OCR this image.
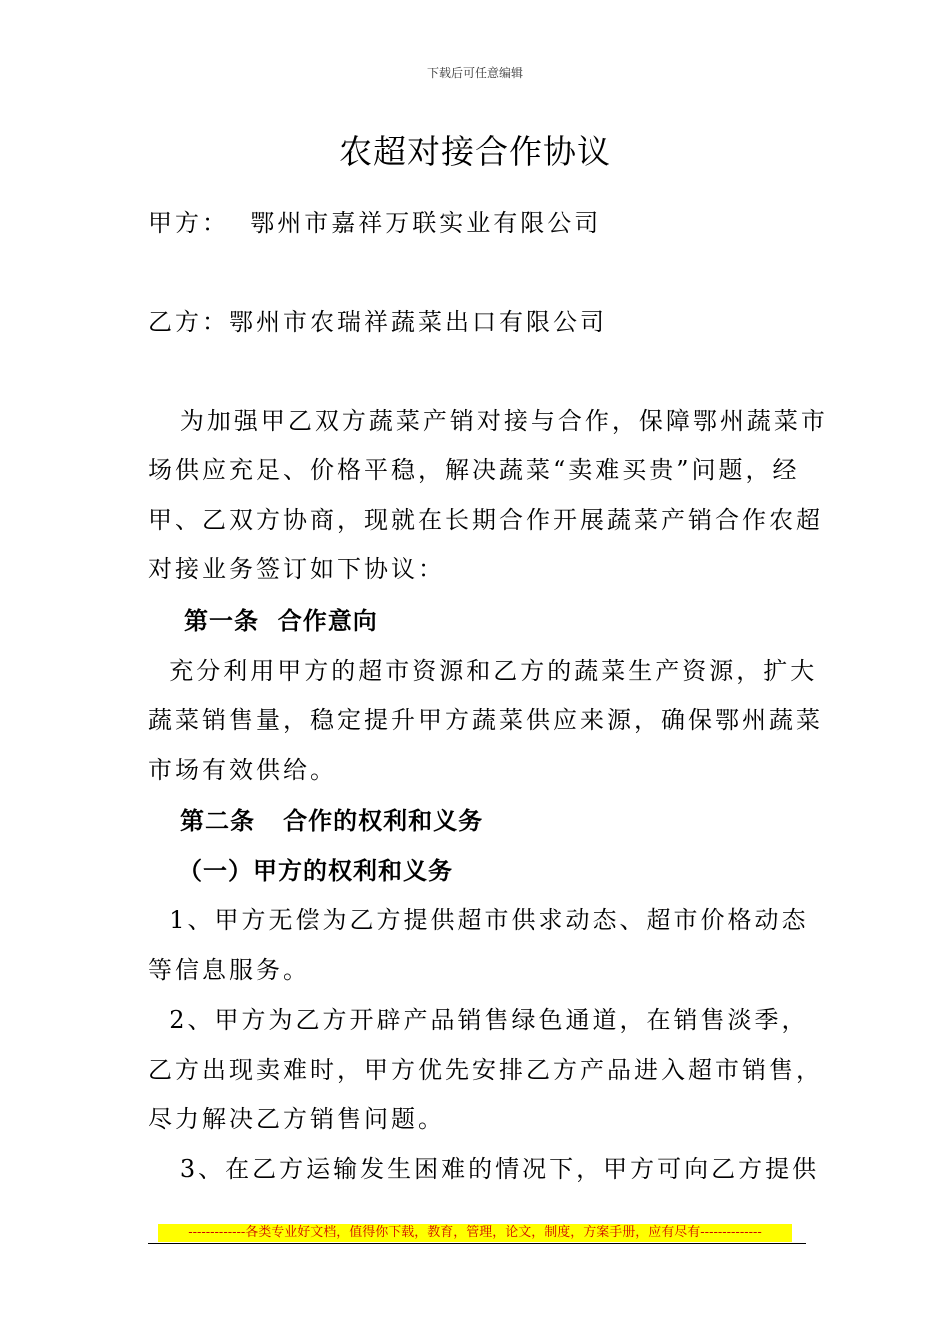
下载后可任意编辑
农超对接合作协议
甲方：  鄂州市嘉祥万联实业有限公司
乙方：鄂州市农瑞祥蔬菜出口有限公司
为加强甲乙双方蔬菜产销对接与合作，保障鄂州蔬菜市
场供应充足、价格平稳，解决蔬菜“卖难买贵”问题，经
甲、乙双方协商，现就在长期合作开展蔬菜产销合作农超
对接业务签订如下协议：
第一条  合作意向
充分利用甲方的超市资源和乙方的蔬菜生产资源，扩大
蔬菜销售量，稳定提升甲方蔬菜供应来源，确保鄂州蔬菜
市场有效供给。
第二条   合作的权利和义务
（一）甲方的权利和义务
1、甲方无偿为乙方提供超市供求动态、超市价格动态
等信息服务。
2、甲方为乙方开辟产品销售绿色通道，在销售淡季，
乙方出现卖难时，甲方优先安排乙方产品进入超市销售，
尽力解决乙方销售问题。
3、在乙方运输发生困难的情况下，甲方可向乙方提供
-------------各类专业好文档，值得你下载，教育，管理，论文，制度，方案手册，应有尽有--------------
